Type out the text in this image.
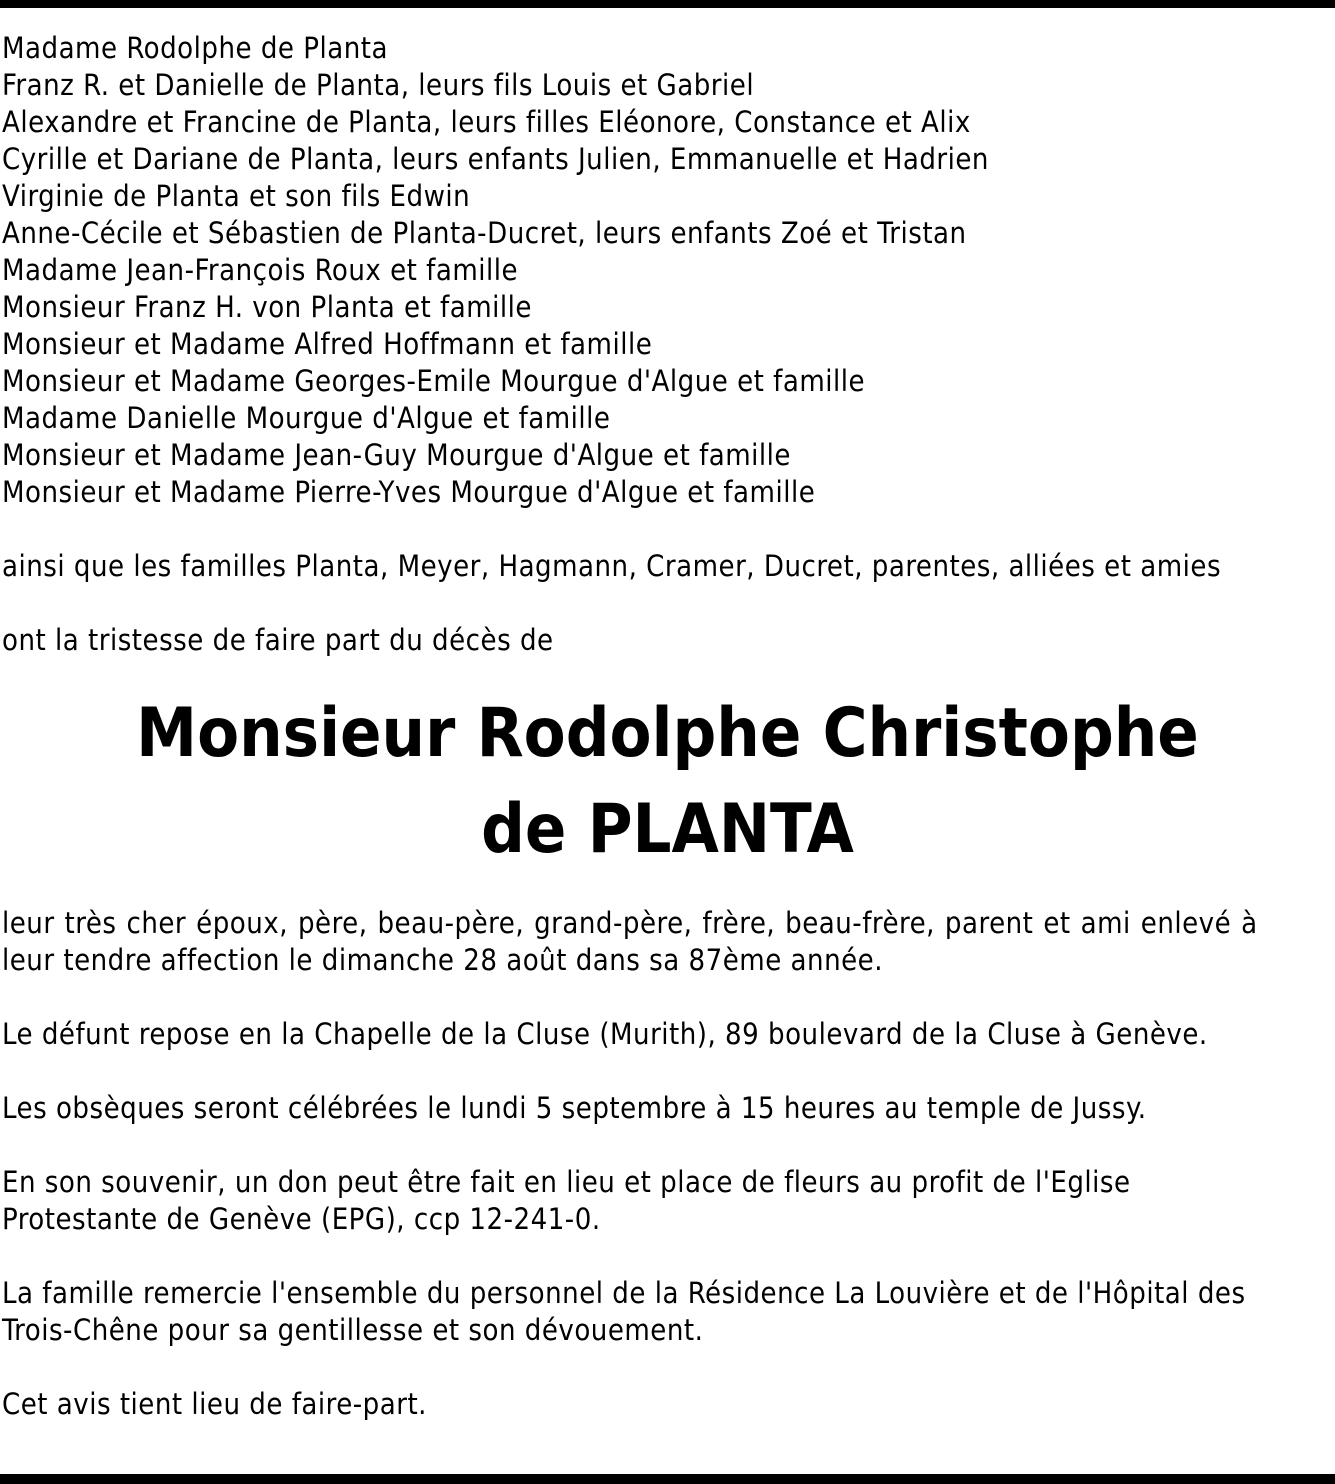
Madame Rodolphe de Planta
Franz R. et Danielle de Planta, leurs fils Louis et Gabriel
Alexandre et Francine de Planta, leurs filles Eléonore, Constance et Alix
Cyrille et Dariane de Planta, leurs enfants Julien, Emmanuelle et Hadrien
Virginie de Planta et son fils Edwin
Anne-Cécile et Sébastien de Planta-Ducret, leurs enfants Zoé et Tristan
Madame Jean-François Roux et famille
Monsieur Franz H. von Planta et famille
Monsieur et Madame Alfred Hoffmann et famille
Monsieur et Madame Georges-Emile Mourgue d'Algue et famille
Madame Danielle Mourgue d'Algue et famille
Monsieur et Madame Jean-Guy Mourgue d'Algue et famille
Monsieur et Madame Pierre-Yves Mourgue d'Algue et famille
ainsi que les familles Planta, Meyer, Hagmann, Cramer, Ducret, parentes, alliées et amies
ont la tristesse de faire part du décès de
Monsieur Rodolphe Christophe
de PLANTA
leur très cher époux, père, beau-père, grand-père, frère, beau-frère, parent et ami enlevé à
leur tendre affection le dimanche 28 août dans sa 87ème année.
Le défunt repose en la Chapelle de la Cluse (Murith), 89 boulevard de la Cluse à Genève.
Les obsèques seront célébrées le lundi 5 septembre à 15 heures au temple de Jussy.
En son souvenir, un don peut être fait en lieu et place de fleurs au profit de l'Eglise
Protestante de Genève (EPG), ccp 12-241-0.
La famille remercie l'ensemble du personnel de la Résidence La Louvière et de l'Hôpital des
Trois-Chêne pour sa gentillesse et son dévouement.
Cet avis tient lieu de faire-part.
